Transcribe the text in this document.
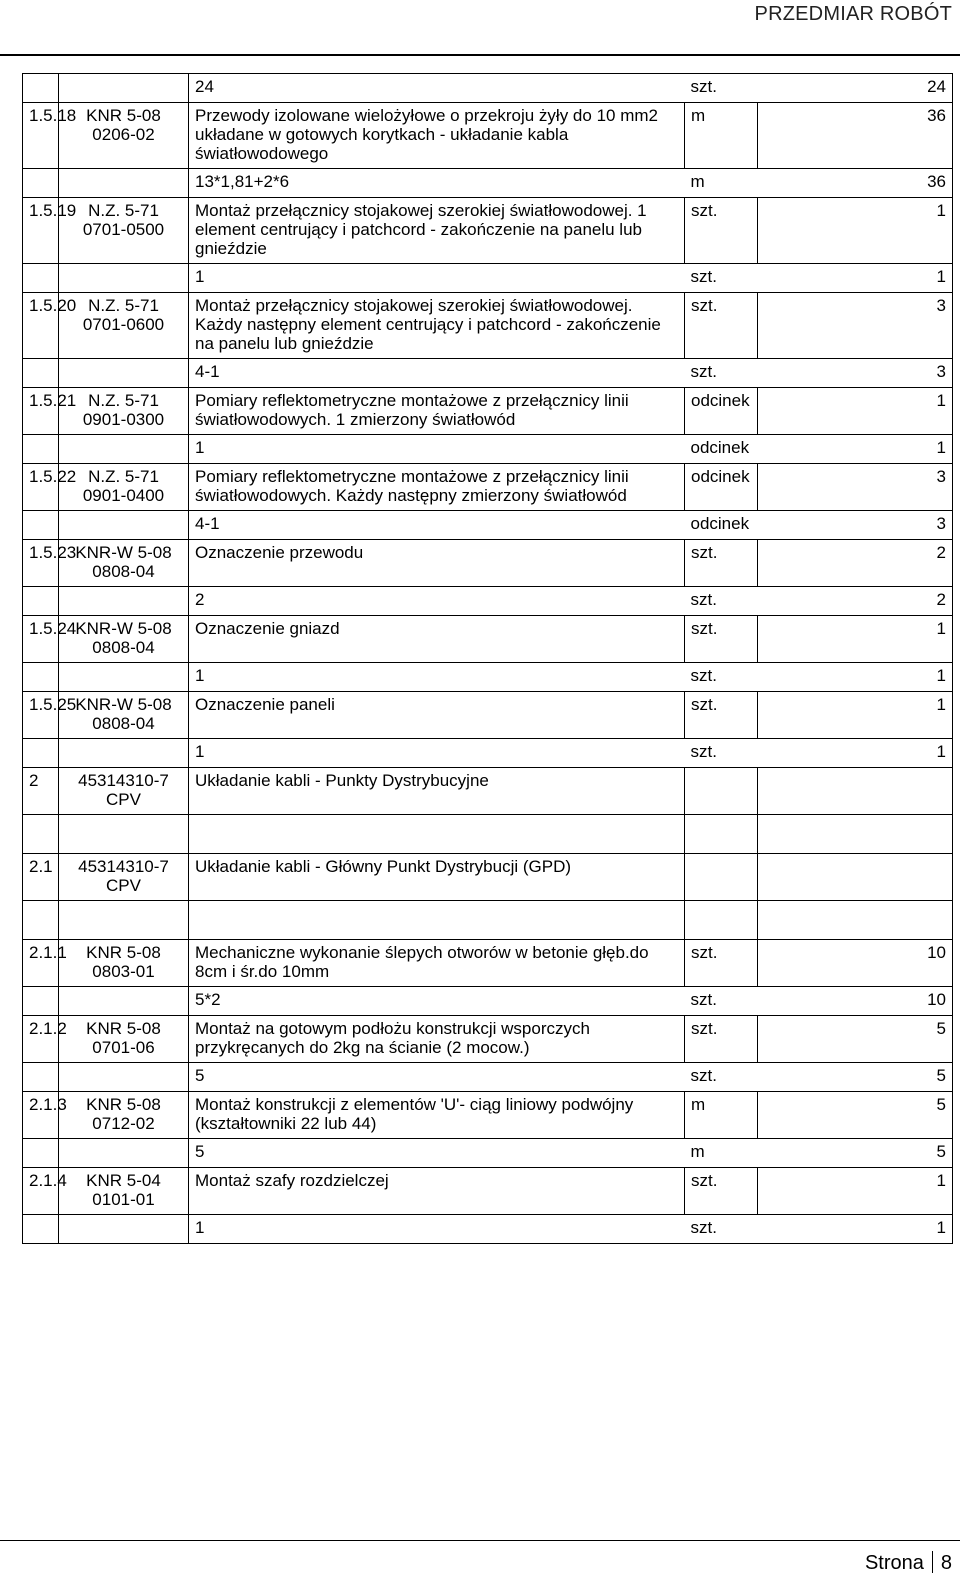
PRZEDMIAR ROBÓT
		24	szt.	24
1.5.18	KNR 5-08 0206-02	Przewody izolowane wielożyłowe o przekroju żyły do 10 mm2 układane w gotowych korytkach - układanie kabla światłowodowego	m	36
		13*1,81+2*6	m	36
1.5.19	N.Z. 5-71 0701-0500	Montaż przełącznicy stojakowej szerokiej światłowodowej. 1 element centrujący i patchcord - zakończenie na panelu lub gnieździe	szt.	1
		1	szt.	1
1.5.20	N.Z. 5-71 0701-0600	Montaż przełącznicy stojakowej szerokiej światłowodowej. Każdy następny element centrujący i patchcord - zakończenie na panelu lub gnieździe	szt.	3
		4-1	szt.	3
1.5.21	N.Z. 5-71 0901-0300	Pomiary reflektometryczne montażowe z przełącznicy linii światłowodowych. 1 zmierzony światłowód	odcinek	1
		1	odcinek	1
1.5.22	N.Z. 5-71 0901-0400	Pomiary reflektometryczne montażowe z przełącznicy linii światłowodowych. Każdy następny zmierzony światłowód	odcinek	3
		4-1	odcinek	3
1.5.23	KNR-W 5-08 0808-04	Oznaczenie przewodu	szt.	2
		2	szt.	2
1.5.24	KNR-W 5-08 0808-04	Oznaczenie gniazd	szt.	1
		1	szt.	1
1.5.25	KNR-W 5-08 0808-04	Oznaczenie paneli	szt.	1
		1	szt.	1
2	45314310-7 CPV	Układanie kabli - Punkty Dystrybucyjne		

2.1	45314310-7 CPV	Układanie kabli - Główny Punkt Dystrybucji (GPD)		

2.1.1	KNR 5-08 0803-01	Mechaniczne wykonanie ślepych otworów w betonie głęb.do 8cm i śr.do 10mm	szt.	10
		5*2	szt.	10
2.1.2	KNR 5-08 0701-06	Montaż na gotowym podłożu konstrukcji wsporczych przykręcanych do 2kg na ścianie (2 mocow.)	szt.	5
		5	szt.	5
2.1.3	KNR 5-08 0712-02	Montaż konstrukcji z elementów 'U'- ciąg liniowy podwójny (kształtowniki 22 lub 44)	m	5
		5	m	5
2.1.4	KNR 5-04 0101-01	Montaż szafy rozdzielczej	szt.	1
		1	szt.	1
Strona 8
